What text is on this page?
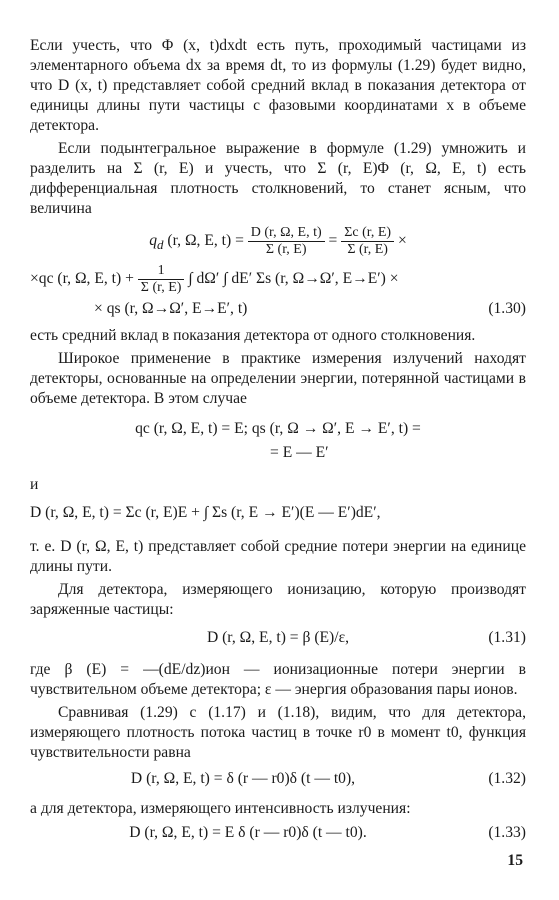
Если учесть, что Φ (x, t)dxdt есть путь, проходимый частицами из элементарного объема dx за время dt, то из формулы (1.29) будет видно, что D (x, t) представляет собой средний вклад в показания детектора от единицы длины пути частицы с фазовыми координатами x в объеме детектора.

Если подынтегральное выражение в формуле (1.29) умножить и разделить на Σ (r, E) и учесть, что Σ (r, E)Φ (r, Ω, E, t) есть дифференциальная плотность столкновений, то станет ясным, что величина

$q_d$ (r, Ω, E, $t) = \frac{D (r, \Omega, E, t)}{\Sigma (r, E)} = \frac{\Sigma c (r, E)}{\Sigma (r, E)}$ ×
×qc (r, Ω, E, $t) + \frac{1}{\Sigma (r, E)}$ ∫ dΩ′ ∫ dE′ Σs (r, Ω→Ω′, E→E′) ×
× qs (r, Ω→Ω′, E→E′, t)	(1.30)

есть средний вклад в показания детектора от одного столкновения.

Широкое применение в практике измерения излучений находят детекторы, основанные на определении энергии, потерянной частицами в объеме детектора. В этом случае

qc (r, Ω, E, t) = E; qs (r, Ω → Ω′, E → E′, t) =
= E — E′

и

D (r, Ω, E, t) = Σc (r, E)E + ∫ Σs (r, E → E′)(E — E′)dE′,

т. е. D (r, Ω, E, t) представляет собой средние потери энергии на единице длины пути.

Для детектора, измеряющего ионизацию, которую производят заряженные частицы:

D (r, Ω, E, t) = β (E)/ε,	(1.31)

где β (E) = —(dE/dz)ион — ионизационные потери энергии в чувствительном объеме детектора; ε — энергия образования пары ионов.

Сравнивая (1.29) с (1.17) и (1.18), видим, что для детектора, измеряющего плотность потока частиц в точке r0 в момент t0, функция чувствительности равна

D (r, Ω, E, t) = δ (r — r0)δ (t — t0),	(1.32)

а для детектора, измеряющего интенсивность излучения:

D (r, Ω, E, t) = E δ (r — r0)δ (t — t0).	(1.33)
15
